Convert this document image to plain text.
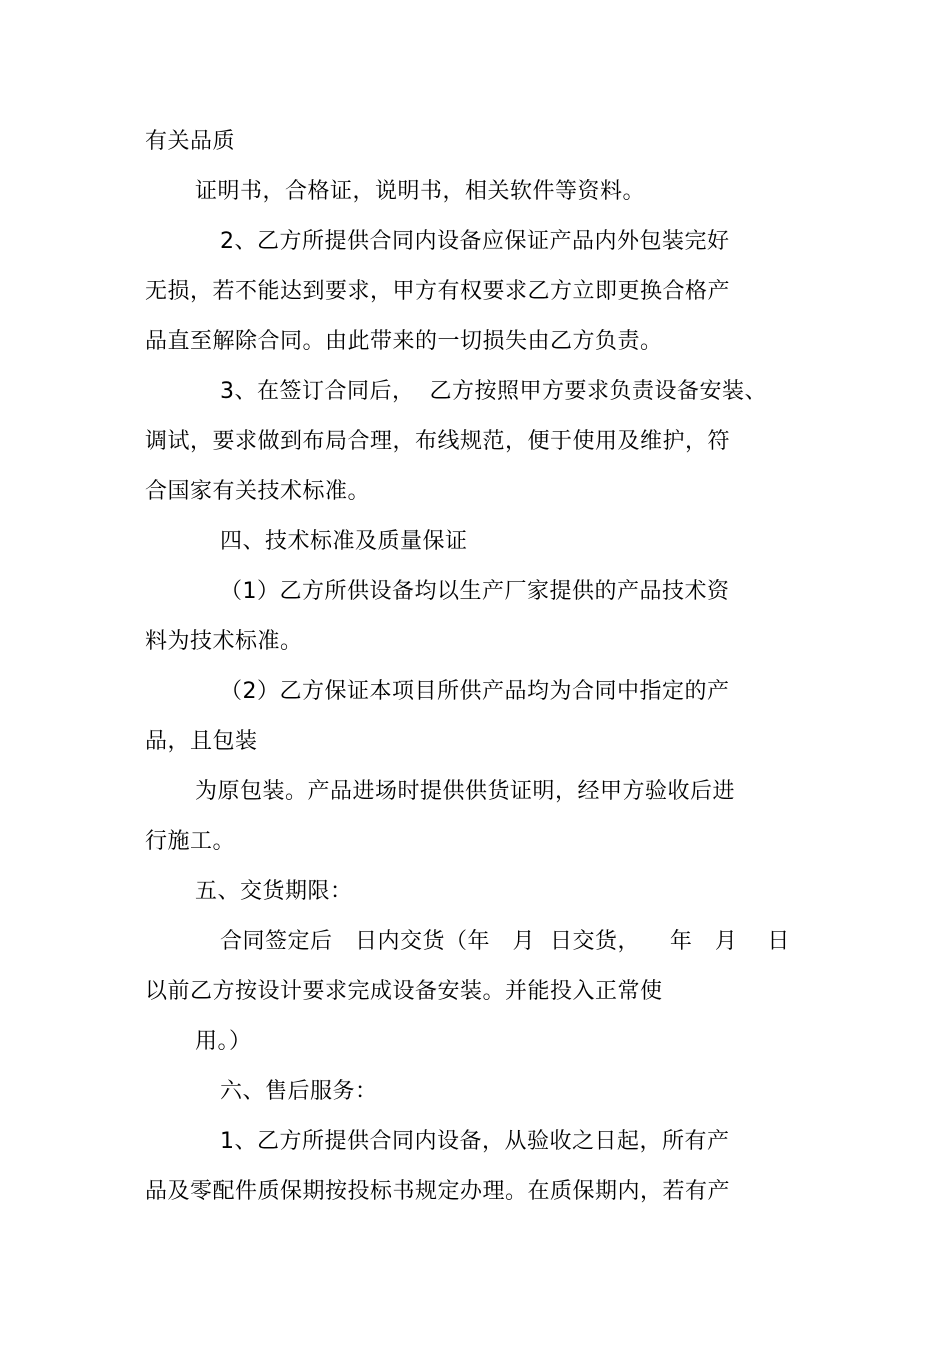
有关品质
证明书，合格证，说明书，相关软件等资料。
2、乙方所提供合同内设备应保证产品内外包装完好
无损，若不能达到要求，甲方有权要求乙方立即更换合格产
品直至解除合同。由此带来的一切损失由乙方负责。
3、在签订合同后，  乙方按照甲方要求负责设备安装、
调试，要求做到布局合理，布线规范，便于使用及维护，符
合国家有关技术标准。
四、技术标准及质量保证
（1）乙方所供设备均以生产厂家提供的产品技术资
料为技术标准。
（2）乙方保证本项目所供产品均为合同中指定的产
品，且包装
为原包装。产品进场时提供供货证明，经甲方验收后进
行施工。
五、交货期限：
合同签定后   日内交货（年   月  日交货，    年   月    日
以前乙方按设计要求完成设备安装。并能投入正常使
用。）
六、售后服务：
1、乙方所提供合同内设备，从验收之日起，所有产
品及零配件质保期按投标书规定办理。在质保期内，若有产
